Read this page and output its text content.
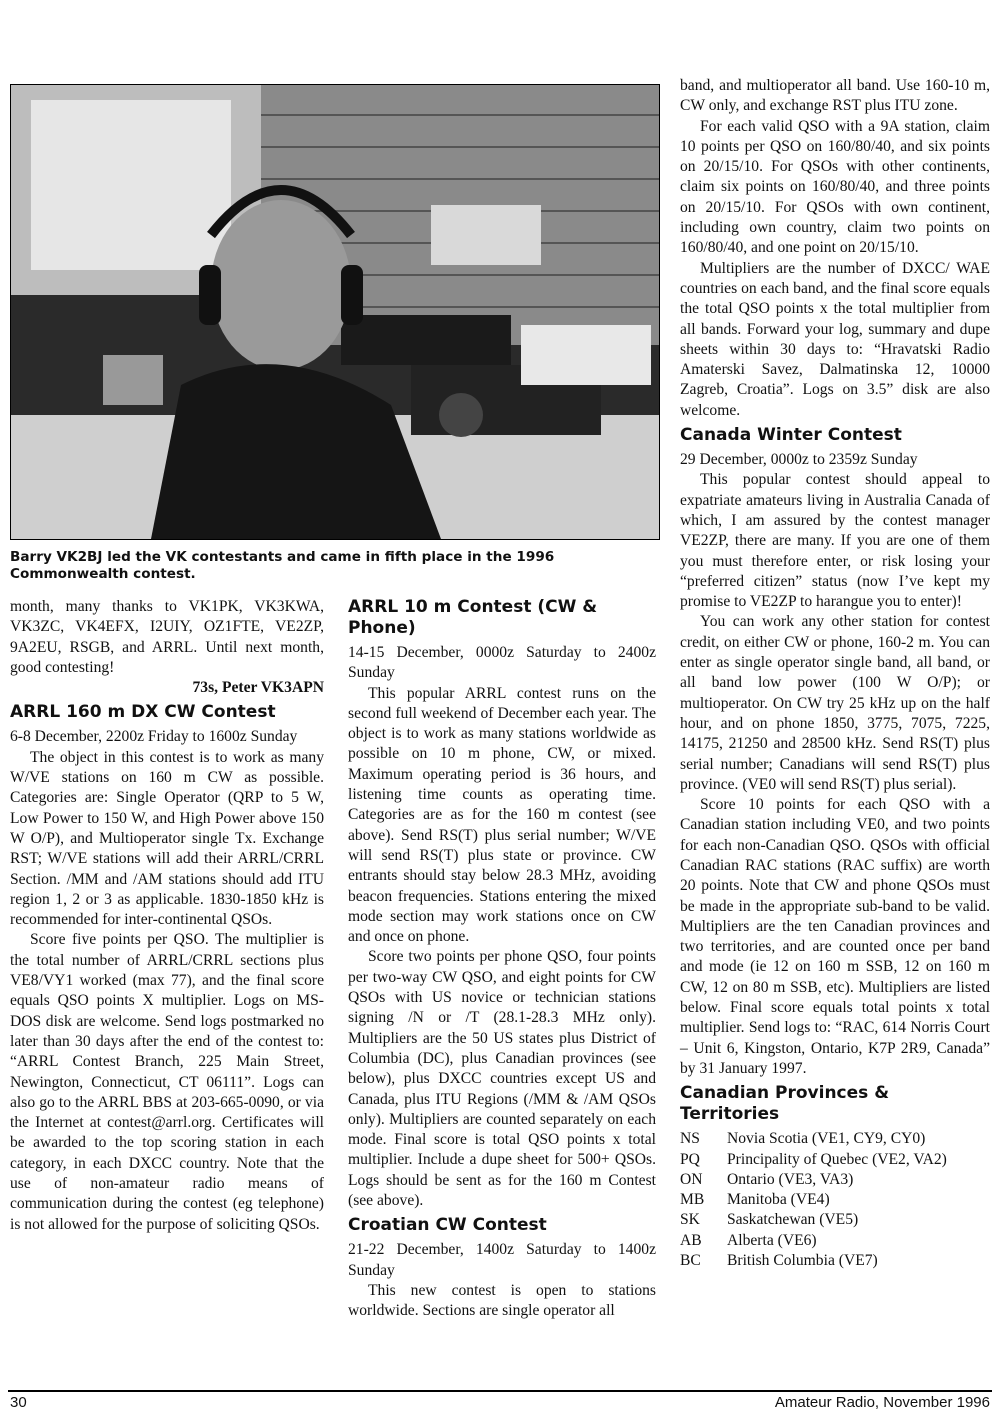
Barry VK2BJ led the VK contestants and came in fifth place in the 1996 Commonwealth contest.

month, many thanks to VK1PK, VK3KWA, VK3ZC, VK4EFX, I2UIY, OZ1FTE, VE2ZP, 9A2EU, RSGB, and ARRL. Until next month, good contesting!

73s, Peter VK3APN

ARRL 160 m DX CW Contest

6-8 December, 2200z Friday to 1600z Sunday

The object in this contest is to work as many W/VE stations on 160 m CW as possible. Categories are: Single Operator (QRP to 5 W, Low Power to 150 W, and High Power above 150 W O/P), and Multioperator single Tx. Exchange RST; W/VE stations will add their ARRL/CRRL Section. /MM and /AM stations should add ITU region 1, 2 or 3 as applicable. 1830-1850 kHz is recommended for inter-continental QSOs.

Score five points per QSO. The multiplier is the total number of ARRL/CRRL sections plus VE8/VY1 worked (max 77), and the final score equals QSO points X multiplier. Logs on MS-DOS disk are welcome. Send logs postmarked no later than 30 days after the end of the contest to: “ARRL Contest Branch, 225 Main Street, Newington, Connecticut, CT 06111”. Logs can also go to the ARRL BBS at 203-665-0090, or via the Internet at contest@arrl.org. Certificates will be awarded to the top scoring station in each category, in each DXCC country. Note that the use of non-amateur radio means of communication during the contest (eg telephone) is not allowed for the purpose of soliciting QSOs.

ARRL 10 m Contest (CW & Phone)

14-15 December, 0000z Saturday to 2400z Sunday

This popular ARRL contest runs on the second full weekend of December each year. The object is to work as many stations worldwide as possible on 10 m phone, CW, or mixed. Maximum operating period is 36 hours, and listening time counts as operating time. Categories are as for the 160 m contest (see above). Send RS(T) plus serial number; W/VE will send RS(T) plus state or province. CW entrants should stay below 28.3 MHz, avoiding beacon frequencies. Stations entering the mixed mode section may work stations once on CW and once on phone.

Score two points per phone QSO, four points per two-way CW QSO, and eight points for CW QSOs with US novice or technician stations signing /N or /T (28.1-28.3 MHz only). Multipliers are the 50 US states plus District of Columbia (DC), plus Canadian provinces (see below), plus DXCC countries except US and Canada, plus ITU Regions (/MM & /AM QSOs only). Multipliers are counted separately on each mode. Final score is total QSO points x total multiplier. Include a dupe sheet for 500+ QSOs. Logs should be sent as for the 160 m Contest (see above).

Croatian CW Contest

21-22 December, 1400z Saturday to 1400z Sunday

This new contest is open to stations worldwide. Sections are single operator all

band, and multioperator all band. Use 160-10 m, CW only, and exchange RST plus ITU zone.

For each valid QSO with a 9A station, claim 10 points per QSO on 160/80/40, and six points on 20/15/10. For QSOs with other continents, claim six points on 160/80/40, and three points on 20/15/10. For QSOs with own continent, including own country, claim two points on 160/80/40, and one point on 20/15/10.

Multipliers are the number of DXCC/ WAE countries on each band, and the final score equals the total QSO points x the total multiplier from all bands. Forward your log, summary and dupe sheets within 30 days to: “Hravatski Radio Amaterski Savez, Dalmatinska 12, 10000 Zagreb, Croatia”. Logs on 3.5” disk are also welcome.

Canada Winter Contest

29 December, 0000z to 2359z Sunday

This popular contest should appeal to expatriate amateurs living in Australia Canada of which, I am assured by the contest manager VE2ZP, there are many. If you are one of them you must therefore enter, or risk losing your “preferred citizen” status (now I’ve kept my promise to VE2ZP to harangue you to enter)!

You can work any other station for contest credit, on either CW or phone, 160-2 m. You can enter as single operator single band, all band, or all band low power (100 W O/P); or multioperator. On CW try 25 kHz up on the half hour, and on phone 1850, 3775, 7075, 7225, 14175, 21250 and 28500 kHz. Send RS(T) plus serial number; Canadians will send RS(T) plus province. (VE0 will send RS(T) plus serial).

Score 10 points for each QSO with a Canadian station including VE0, and two points for each non-Canadian QSO. QSOs with official Canadian RAC stations (RAC suffix) are worth 20 points. Note that CW and phone QSOs must be made in the appropriate sub-band to be valid. Multipliers are the ten Canadian provinces and two territories, and are counted once per band and mode (ie 12 on 160 m SSB, 12 on 160 m CW, 12 on 80 m SSB, etc). Multipliers are listed below. Final score equals total points x total multiplier. Send logs to: “RAC, 614 Norris Court – Unit 6, Kingston, Ontario, K7P 2R9, Canada” by 31 January 1997.

Canadian Provinces & Territories
NS	Novia Scotia (VE1, CY9, CY0)
PQ	Principality of Quebec (VE2, VA2)
ON	Ontario (VE3, VA3)
MB	Manitoba (VE4)
SK	Saskatchewan (VE5)
AB	Alberta (VE6)
BC	British Columbia (VE7)
30	Amateur Radio, November 1996
